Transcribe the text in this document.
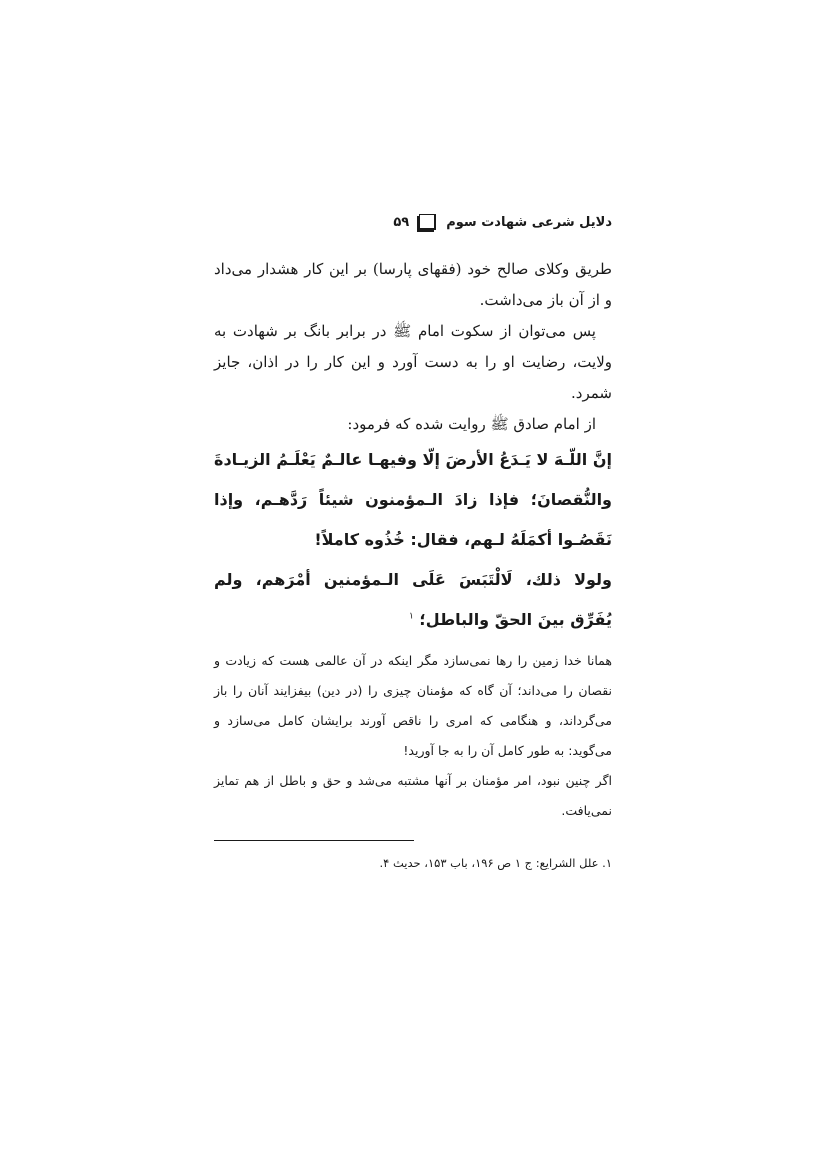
دلایل شرعی شهادت سوم
۵۹

طریق وکلای صالح خود (فقهای پارسا) بر این کار هشدار می‌داد و از آن باز می‌داشت.

پس می‌توان از سکوت امام ﷺ در برابر بانگ بر شهادت به ولایت، رضایت او را به دست آورد و این کار را در اذان، جایز شمرد.

از امام صادق ﷺ روایت شده که فرمود:

إنَّ اللّـهَ لا يَـدَعُ الأرضَ إلّا وفيهـا عالـمٌ يَعْلَـمُ الزيـادةَ والنُّقصانَ؛ فإذا زادَ الـمؤمنون شيئاً رَدَّهـم، وإذا نَقَصُـوا أكمَلَهُ لـهم، فقال: خُذُوه كاملاً!

ولولا ذلك، لَالْتَبَسَ عَلَى الـمؤمنين أمْرَهم، ولم يُفَرِّق بينَ الحقّ والباطل؛ $^۱$

همانا خدا زمین را رها نمی‌سازد مگر اینکه در آن عالمی هست که زیادت و نقصان را می‌داند؛ آن گاه که مؤمنان چیزی را (در دین) بیفزایند آنان را باز می‌گرداند، و هنگامی که امری را ناقص آورند برایشان کامل می‌سازد و می‌گوید: به طور کامل آن را به جا آورید!

اگر چنین نبود، امر مؤمنان بر آنها مشتبه می‌شد و حق و باطل از هم تمایز نمی‌یافت.

۱. علل الشرایع: ج ۱ ص ۱۹۶، باب ۱۵۳، حدیث ۴.
